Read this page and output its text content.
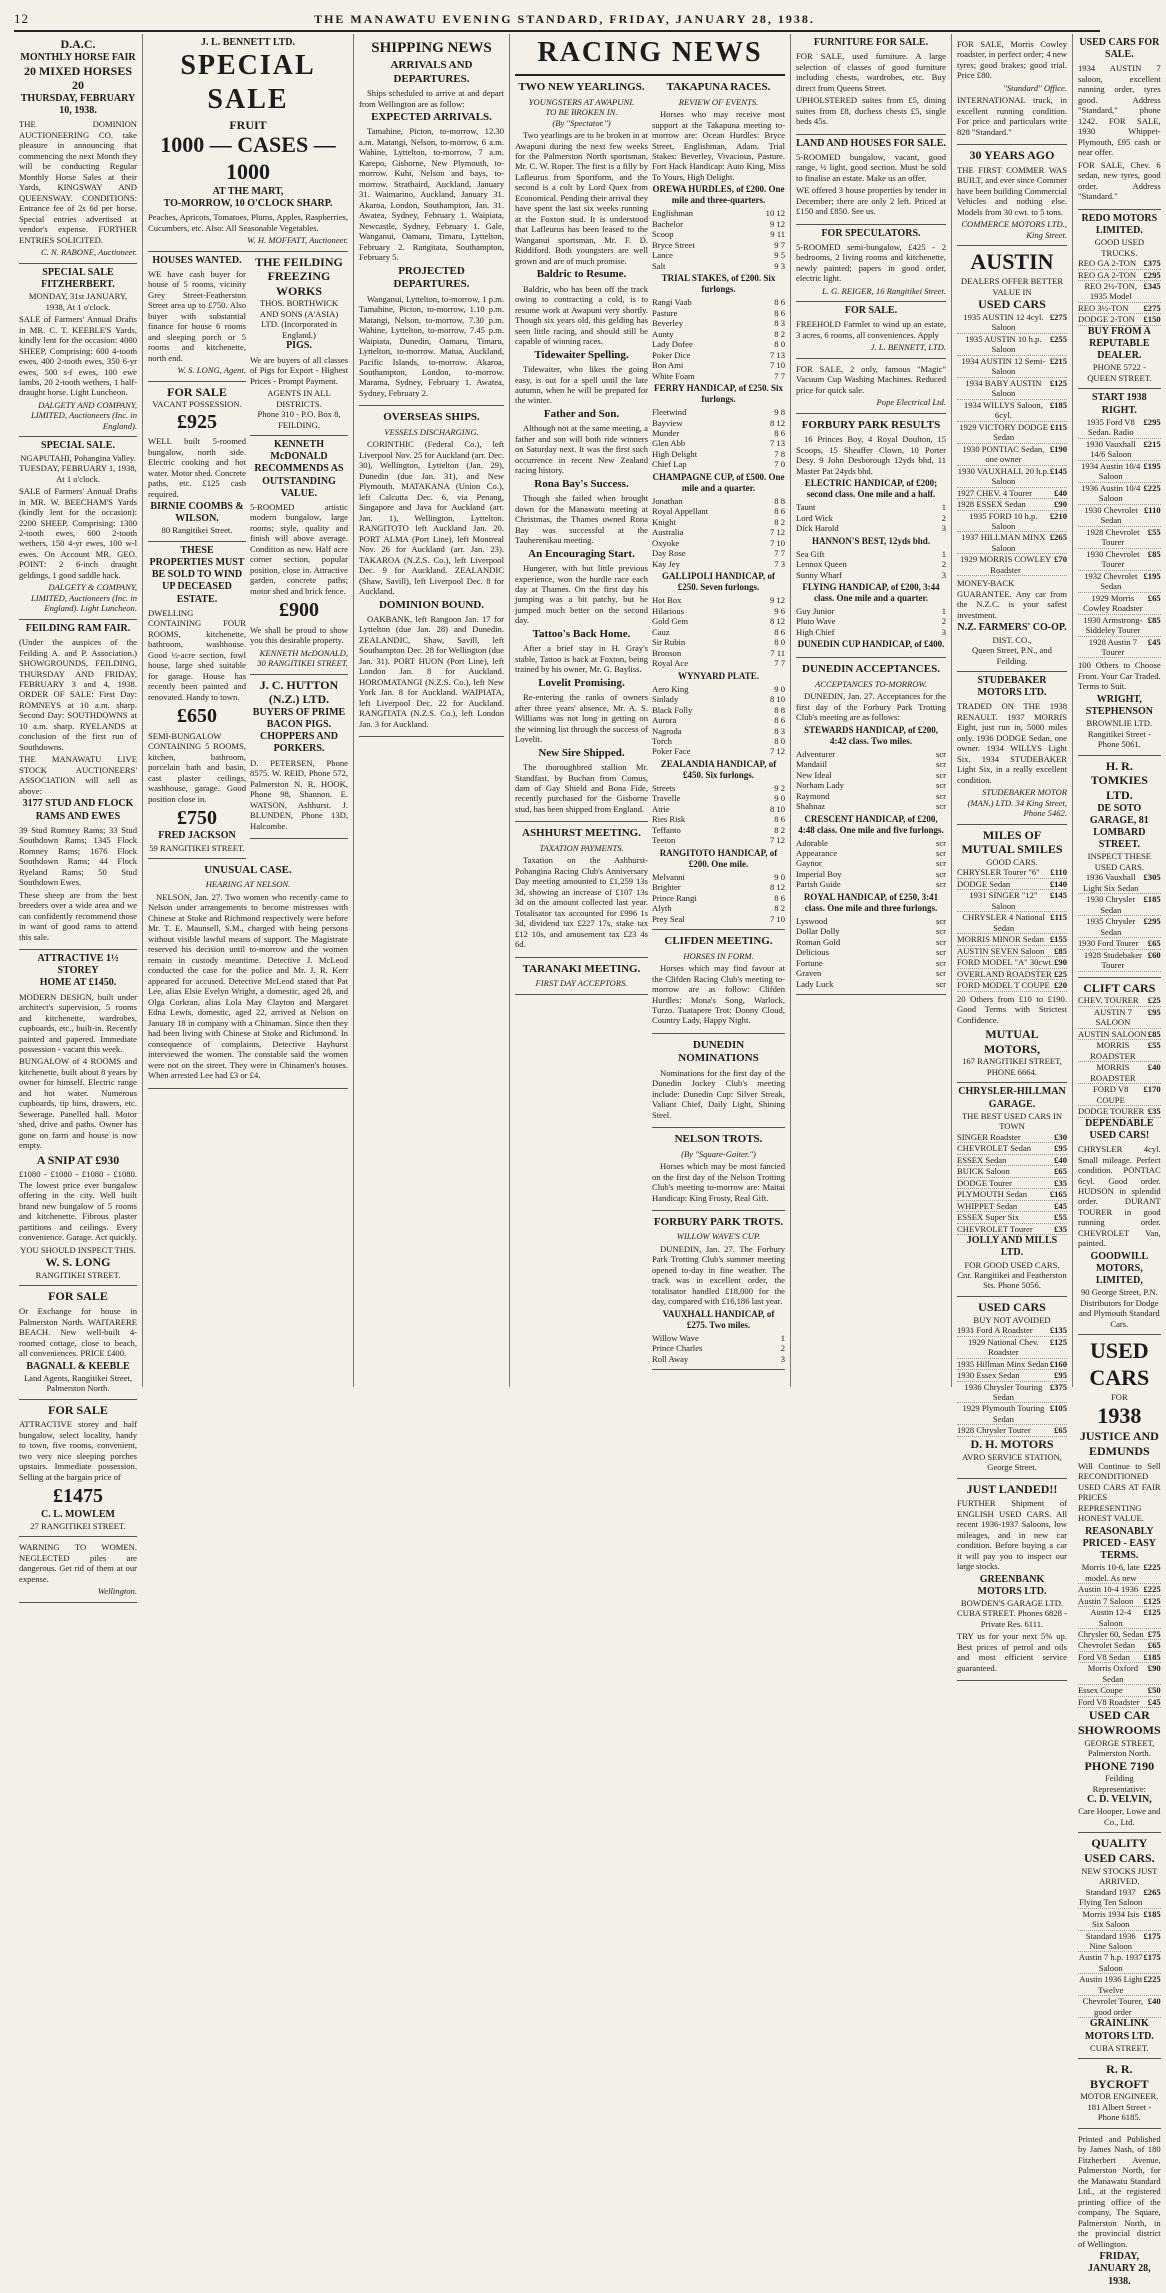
12	THE MANAWATU EVENING STANDARD, FRIDAY, JANUARY 28, 1938.
D.A.C.
MONTHLY HORSE FAIR
20 MIXED HORSES 20
THURSDAY, FEBRUARY 10, 1938.

THE DOMINION AUCTIONEERING CO. take pleasure in announcing that commencing the next Month they will be conducting Regular Monthly Horse Sales at their Yards, KINGSWAY AND QUEENSWAY. CONDITIONS: Entrance fee of 2s 6d per horse. Special entries advertised at vendor's expense. FURTHER ENTRIES SOLICITED.

C. N. RABONE, Auctioneer.
SPECIAL SALE
FITZHERBERT.
MONDAY, 31st JANUARY, 1938, At 1 o'clock.

SALE of Farmers' Annual Drafts in MR. C. T. KEEBLE'S Yards, kindly lent for the occasion: 4000 SHEEP, Comprising: 600 4-tooth ewes, 400 2-tooth ewes, 350 6-yr ewes, 500 s-f ewes, 100 ewe lambs, 20 2-tooth wethers, 1 half-draught horse. Light Luncheon.

DALGETY AND COMPANY, LIMITED, Auctioneers (Inc. in England).
SPECIAL SALE.
NGAPUTAHI, Pohangina Valley.
TUESDAY, FEBRUARY 1, 1938, At 1 o'clock.

SALE of Farmers' Annual Drafts in MR. W. BEECHAM'S Yards (kindly lent for the occasion): 2200 SHEEP, Comprising: 1300 2-tooth ewes, 600 2-tooth wethers, 150 4-yr ewes, 100 w-l ewes. On Account MR. GEO. POINT: 2 6-inch draught geldings, 1 good saddle hack.

DALGETY & COMPANY, LIMITED, Auctioneers (Inc. in England). Light Luncheon.
FEILDING RAM FAIR.

(Under the auspices of the Feilding A. and P. Association.) SHOWGROUNDS, FEILDING, THURSDAY AND FRIDAY, FEBRUARY 3 and 4, 1938. ORDER OF SALE: First Day: ROMNEYS at 10 a.m. sharp. Second Day: SOUTHDOWNS at 10 a.m. sharp. RYELANDS at conclusion of the first run of Southdowns.

THE MANAWATU LIVE STOCK AUCTIONEERS' ASSOCIATION will sell as above:

3177 STUD AND FLOCK RAMS AND EWES

39 Stud Romney Rams; 33 Stud Southdown Rams; 1345 Flock Romney Rams; 1676 Flock Southdown Rams; 44 Flock Ryeland Rams; 50 Stud Southdown Ewes.

These sheep are from the best breeders over a wide area and we can confidently recommend those in want of good rams to attend this sale.

ATTRACTIVE 1½ STOREY
HOME AT £1450.

MODERN DESIGN, built under architect's supervision, 5 rooms and kitchenette, wardrobes, cupboards, etc., built-in. Recently painted and papered. Immediate possession - vacant this week.

BUNGALOW of 4 ROOMS and kitchenette, built about 8 years by owner for himself. Electric range and hot water. Numerous cupboards, tip bins, drawers, etc. Sewerage. Panelled hall. Motor shed, drive and paths. Owner has gone on farm and house is now empty.

A SNIP AT £930

£1080 - £1080 - £1080 - £1080. The lowest price ever bungalow offering in the city. Well built brand new bungalow of 5 rooms and kitchenette. Fibrous plaster partitions and ceilings. Every convenience. Garage. Act quickly.

YOU SHOULD INSPECT THIS.
W. S. LONG
RANGITIKEI STREET.
FOR SALE

Or Exchange for house in Palmerston North. WAITARERE BEACH. New well-built 4-roomed cottage, close to beach, all conveniences. PRICE £400.

BAGNALL & KEEBLE
Land Agents, Rangitikei Street, Palmerston North.
FOR SALE

ATTRACTIVE storey and half bungalow, select locality, handy to town, five rooms, convenient, two very nice sleeping porches upstairs. Immediate possession. Selling at the bargain price of

£1475
C. L. MOWLEM
27 RANGITIKEI STREET.

WARNING TO WOMEN. NEGLECTED piles are dangerous. Get rid of them at our expense.

Wellington.
J. L. BENNETT LTD.
SPECIAL SALE
FRUIT
1000 — CASES — 1000
AT THE MART,
TO-MORROW, 10 O'CLOCK SHARP.

Peaches, Apricots, Tomatoes, Plums, Apples, Raspberries, Cucumbers, etc. Also: All Seasonable Vegetables.

W. H. MOFFATT, Auctioneer.
HOUSES WANTED.

WE have cash buyer for house of 5 rooms, vicinity Grey Street-Featherston Street area up to £750. Also buyer with substantial finance for house 6 rooms and sleeping porch or 5 rooms and kitchenette, north end.

W. S. LONG, Agent.
FOR SALE
VACANT POSSESSION.
£925

WELL built 5-roomed bungalow, north side. Electric cooking and hot water. Motor shed. Concrete paths, etc. £125 cash required.

BIRNIE COOMBS & WILSON.
80 Rangitikei Street.
THESE PROPERTIES MUST BE SOLD TO WIND UP DECEASED ESTATE.

DWELLING CONTAINING FOUR ROOMS, kitchenette, bathroom, washhouse. Good ½-acre section, fowl house, large shed suitable for garage. House has recently been painted and renovated. Handy to town.

£650

SEMI-BUNGALOW CONTAINING 5 ROOMS, kitchen, bathroom, porcelain bath and basin, cast plaster ceilings, washhouse, garage. Good position close in.

£750
FRED JACKSON
59 RANGITIKEI STREET.
THE FEILDING FREEZING WORKS
THOS. BORTHWICK AND SONS (A'ASIA) LTD. (Incorporated in England.)
PIGS.

We are buyers of all classes of Pigs for Export - Highest Prices - Prompt Payment.

AGENTS IN ALL DISTRICTS.
Phone 310 - P.O. Box 8, FEILDING.
KENNETH McDONALD RECOMMENDS AS OUTSTANDING VALUE.

5-ROOMED artistic modern bungalow, large rooms; style, quality and finish will above average. Condition as new. Half acre corner section, popular position, close in. Attractive garden, concrete paths; motor shed and brick fence.

£900

We shall be proud to show you this desirable property.

KENNETH McDONALD, 30 RANGITIKEI STREET.
J. C. HUTTON (N.Z.) LTD.
BUYERS OF PRIME BACON PIGS. CHOPPERS AND PORKERS.

D. PETERSEN, Phone 8575. W. REID, Phone 572, Palmerston N. R. HOOK, Phone 98, Shannon. E. WATSON, Ashhurst. J. BLUNDEN, Phone 13D, Halcombe.

UNUSUAL CASE.
HEARING AT NELSON.

NELSON, Jan. 27. Two women who recently came to Nelson under arrangements to become mistresses with Chinese at Stoke and Richmond respectively were before Mr. T. E. Maunsell, S.M., charged with being persons without visible lawful means of support. The Magistrate reserved his decision until to-morrow and the women remain in custody meantime. Detective J. McLeod conducted the case for the police and Mr. J. R. Kerr appeared for accused. Detective McLeod stated that Pat Lee, alias Elsie Evelyn Wright, a domestic, aged 28, and Olga Corkran, alias Lola May Clayton and Margaret Edna Lewis, domestic, aged 22, arrived at Nelson on January 18 in company with a Chinaman. Since then they had been living with Chinese at Stoke and Richmond. In consequence of complaints, Detective Hayhurst interviewed the women. The constable said the women were not on the street. They were in Chinamen's houses. When arrested Lee had £3 or £4.

SHIPPING NEWS
ARRIVALS AND DEPARTURES.

Ships scheduled to arrive at and depart from Wellington are as follow:

EXPECTED ARRIVALS.

Tamahine, Picton, to-morrow, 12.30 a.m. Matangi, Nelson, to-morrow, 6 a.m. Wahine, Lyttelton, to-morrow, 7 a.m. Karepo, Gisborne, New Plymouth, to-morrow. Kuhi, Nelson and bays, to-morrow. Strathaird, Auckland, January 31. Waimarino, Auckland, January 31. Akaroa, London, Southampton, Jan. 31. Awatea, Sydney, February 1. Waipiata, Newcastle, Sydney, February 1. Gale, Wanganui, Oamaru, Timaru, Lyttelton, February 2. Rangitata, Southampton, February 5.

PROJECTED DEPARTURES.

Wanganui, Lyttelton, to-morrow, 1 p.m. Tamahine, Picton, to-morrow, 1.10 p.m. Matangi, Nelson, to-morrow, 7.30 p.m. Wahine, Lyttelton, to-morrow, 7.45 p.m. Waipiata, Dunedin, Oamaru, Timaru, Lyttelton, to-morrow. Matua, Auckland, Pacific Islands, to-morrow. Akaroa, Southampton, London, to-morrow. Marama, Sydney, February 1. Awatea, Sydney, February 2.

OVERSEAS SHIPS.
VESSELS DISCHARGING.

CORINTHIC (Federal Co.), left Liverpool Nov. 25 for Auckland (arr. Dec. 30), Wellington, Lyttelton (Jan. 29), Dunedin (due Jan. 31), and New Plymouth. MATAKANA (Union Co.), left Calcutta Dec. 6, via Penang, Singapore and Java for Auckland (arr. Jan. 1), Wellington, Lyttelton. RANGITOTO left Auckland Jan. 20. PORT ALMA (Port Line), left Montreal Nov. 26 for Auckland (arr. Jan. 23). TAKAROA (N.Z.S. Co.), left Liverpool Dec. 9 for Auckland. ZEALANDIC (Shaw, Savill), left Liverpool Dec. 8 for Auckland.

DOMINION BOUND.

OAKBANK, left Rangoon Jan. 17 for Lyttelton (due Jan. 28) and Dunedin. ZEALANDIC, Shaw, Savill, left Southampton Dec. 28 for Wellington (due Jan. 31). PORT HUON (Port Line), left London Jan. 8 for Auckland. HOROMATANGI (N.Z.S. Co.), left New York Jan. 8 for Auckland. WAIPIATA, left Liverpool Dec. 22 for Auckland. RANGITATA (N.Z.S. Co.), left London Jan. 3 for Auckland.

RACING NEWS
TWO NEW YEARLINGS.
YOUNGSTERS AT AWAPUNI.
TO BE BROKEN IN.
(By "Spectator.")

Two yearlings are to be broken in at Awapuni during the next few weeks for the Palmerston North sportsman, Mr. C. W. Roper. The first is a filly by Lafleurus from Sportform, and the second is a colt by Lord Quex from Economical. Pending their arrival they have spent the last six weeks running at the Foxton stud. It is understood that Lafleurus has been leased to the Wanganui sportsman, Mr. F. D. Riddiford. Both youngsters are well grown and are of much promise.

Baldric to Resume.

Baldric, who has been off the track owing to contracting a cold, is to resume work at Awapuni very shortly. Though six years old, this gelding has seen little racing, and should still be capable of winning races.

Tidewaiter Spelling.

Tidewaiter, who likes the going easy, is out for a spell until the late autumn, when he will be prepared for the winter.

Father and Son.

Although not at the same meeting, a father and son will both ride winners on Saturday next. It was the first such occurrence in recent New Zealand racing history.

Rona Bay's Success.

Though she failed when brought down for the Manawatu meeting at Christmas, the Thames owned Rona Bay was successful at the Tauherenikau meeting.

An Encouraging Start.

Hungerer, with but little previous experience, won the hurdle race each day at Thames. On the first day his jumping was a bit patchy, but he jumped much better on the second day.

Tattoo's Back Home.

After a brief stay in H. Gray's stable, Tattoo is back at Foxton, being trained by his owner, Mr. G. Bayliss.

Lovelit Promising.

Re-entering the ranks of owners after three years' absence, Mr. A. S. Williams was not long in getting on the winning list through the success of Lovelit.

New Sire Shipped.

The thoroughbred stallion Mr. Standfast, by Buchan from Comus, dam of Gay Shield and Bona Fide, recently purchased for the Gisborne stud, has been shipped from England.

ASHHURST MEETING.
TAXATION PAYMENTS.

Taxation on the Ashhurst-Pohangina Racing Club's Anniversary Day meeting amounted to £1,259 13s 3d, showing an increase of £107 13s 3d on the amount collected last year. Totalisator tax accounted for £996 1s 3d, dividend tax £227 17s, stake tax £12 10s, and amusement tax £23 4s 6d.

TARANAKI MEETING.
FIRST DAY ACCEPTORS.
TAKAPUNA RACES.
REVIEW OF EVENTS.

Horses who may receive most support at the Takapuna meeting to-morrow are: Ocean Hurdles: Bryce Street, Englishman, Adam. Trial Stakes: Beverley, Vivacious, Pasture. Fort Hack Handicap: Auto King, Miss To Yours, High Delight.

OREWA HURDLES, of £200. One mile and three-quarters.
Englishman	10 12
Bachelor	9 12
Scoop	9 11
Bryce Street	9 7
Lance	9 5
Salt	9 3
TRIAL STAKES, of £200. Six furlongs.
Rangi Vaab	8 6
Pasture	8 6
Beverley	8 3
Aunty	8 2
Lady Dofee	8 0
Poker Dice	7 13
Bon Ami	7 10
White Foam	7 7
FERRY HANDICAP, of £250. Six furlongs.
Fleetwind	9 8
Bayview	8 12
Munder	8 6
Glen Abb	7 13
High Delight	7 8
Chief Lap	7 0
CHAMPAGNE CUP, of £500. One mile and a quarter.
Jonathan	8 8
Royal Appellant	8 6
Knight	8 2
Australia	7 12
Oxyoke	7 10
Day Rose	7 7
Kay Jey	7 3
GALLIPOLI HANDICAP, of £250. Seven furlongs.
Hot Box	9 12
Hilarious	9 6
Gold Gem	8 12
Cauz	8 6
Sir Rubin	8 0
Bronson	7 11
Royal Ace	7 7
WYNYARD PLATE.
Aero King	9 0
Sinlady	8 10
Black Folly	8 8
Aurora	8 6
Nagroda	8 3
Torch	8 0
Poker Face	7 12
ZEALANDIA HANDICAP, of £450. Six furlongs.
Streets	9 2
Travelle	9 0
Atrie	8 10
Ries Risk	8 6
Teffanto	8 2
Teeton	7 12
RANGITOTO HANDICAP, of £200. One mile.
Melvanni	9 0
Brighter	8 12
Prince Rangi	8 6
Alyth	8 2
Prey Seal	7 10
CLIFDEN MEETING.
HORSES IN FORM.

Horses which may find favour at the Clifden Racing Club's meeting to-morrow are as follow: Clifden Hurdles: Mona's Song, Warlock, Turzo. Tuatapere Trot: Donny Cloud, Country Lady, Happy Night.

DUNEDIN NOMINATIONS

Nominations for the first day of the Dunedin Jockey Club's meeting include: Dunedin Cup: Silver Streak, Valiant Chief, Daily Light, Shining Steel.

NELSON TROTS.
(By "Square-Gaiter.")

Horses which may be most fancied on the first day of the Nelson Trotting Club's meeting to-morrow are: Maitai Handicap: King Frosty, Real Gift.

FORBURY PARK TROTS.
WILLOW WAVE'S CUP.

DUNEDIN, Jan. 27. The Forbury Park Trotting Club's summer meeting opened to-day in fine weather. The track was in excellent order, the totalisator handled £18,000 for the day, compared with £16,186 last year.

VAUXHALL HANDICAP, of £275. Two miles.
Willow Wave	1
Prince Charles	2
Roll Away	3
FURNITURE FOR SALE.

FOR SALE, used furniture. A large selection of classes of good furniture including chests, wardrobes, etc. Buy direct from Queens Street.

UPHOLSTERED suites from £5, dining suites from £8, duchess chests £5, single beds 45s.

LAND AND HOUSES FOR SALE.

5-ROOMED bungalow, vacant, good range, ½ light, good section. Must be sold to finalise an estate. Make us an offer.

WE offered 3 house properties by tender in December; there are only 2 left. Priced at £150 and £850. See us.

FOR SPECULATORS.

5-ROOMED semi-bungalow, £425 - 2 bedrooms, 2 living rooms and kitchenette, newly painted; papers in good order, electric light.

L. G. REIGER, 16 Rangitikei Street.
FOR SALE.

FREEHOLD Farmlet to wind up an estate, 3 acres, 6 rooms, all conveniences. Apply

J. L. BENNETT, LTD.

FOR SALE, 2 only, famous "Magic" Vacuum Cup Washing Machines. Reduced price for quick sale.

Pope Electrical Ltd.
FORBURY PARK RESULTS

16 Princes Boy, 4 Royal Doulton, 15 Scoops, 15 Sheaffer Clown, 10 Porter Desy. 9 John Desborough 12yds bhd, 11 Master Pat 24yds bhd.

ELECTRIC HANDICAP, of £200; second class. One mile and a half.
Taunt	1
Lord Wick	2
Dick Harold	3
HANNON'S BEST, 12yds bhd.
Sea Gift	1
Lennox Queen	2
Sunny Wharf	3
FLYING HANDICAP, of £200, 3:44 class. One mile and a quarter.
Guy Junior	1
Pluto Wave	2
High Chief	3
DUNEDIN CUP HANDICAP, of £400.
DUNEDIN ACCEPTANCES.
ACCEPTANCES TO-MORROW.

DUNEDIN, Jan. 27. Acceptances for the first day of the Forbury Park Trotting Club's meeting are as follows:

STEWARDS HANDICAP, of £200, 4:42 class. Two miles.
Adventurer	scr
Mandaiil	scr
New Ideal	scr
Norham Lady	scr
Raymond	scr
Shahnaz	scr
CRESCENT HANDICAP, of £200, 4:48 class. One mile and five furlongs.
Adorable	scr
Appearance	scr
Gaynor	scr
Imperial Boy	scr
Parish Guide	scr
ROYAL HANDICAP, of £250, 3:41 class. One mile and three furlongs.
Lyswood	scr
Dollar Dolly	scr
Roman Gold	scr
Delicious	scr
Fortune	scr
Graven	scr
Lady Luck	scr

FOR SALE, Morris Cowley roadster, in perfect order; 4 new tyres; good brakes; good trial. Price £80.

"Standard" Office.

INTERNATIONAL truck, in excellent running condition. For price and particulars write 828 "Standard."

30 YEARS AGO

THE FIRST COMMER WAS BUILT, and ever since Commer have been building Commercial Vehicles and nothing else. Models from 30 cwt. to 5 tons.

COMMERCE MOTORS LTD., King Street.
AUSTIN
DEALERS OFFER BETTER VALUE IN
USED CARS
1935 AUSTIN 12 4cyl. Saloon
£275
1935 AUSTIN 10 h.p. Saloon
£255
1934 AUSTIN 12 Semi-Saloon
£215
1934 BABY AUSTIN Saloon
£125
1934 WILLYS Saloon, 6cyl.
£185
1929 VICTORY DODGE Sedan
£115
1930 PONTIAC Sedan, one owner
£190
1930 VAUXHALL 20 h.p. Saloon
£145
1927 CHEV. 4 Tourer	£40
1928 ESSEX Sedan	£90
1935 FORD 10 h.p. Saloon
£210
1937 HILLMAN MINX Saloon
£265
1929 MORRIS COWLEY Roadster
£70

MONEY-BACK GUARANTEE. Any car from the N.Z.C. is your safest investment.

N.Z. FARMERS' CO-OP.
DIST. CO.,
Queen Street, P.N., and Feilding.
STUDEBAKER MOTORS LTD.

TRADED ON THE 1938 RENAULT. 1937 MORRIS Eight, just run in, 5000 miles only. 1936 DODGE Sedan, one owner. 1934 WILLYS Light Six. 1934 STUDEBAKER Light Six, in a really excellent condition.

STUDEBAKER MOTOR (MAN.) LTD. 34 King Street, Phone 5462.
MILES OF
MUTUAL SMILES
GOOD CARS.
CHRYSLER Tourer "6" £110
DODGE Sedan	£140
1931 SINGER "12" Saloon
£145
CHRYSLER 4 National Sedan
£115
MORRIS MINOR Sedan £155
AUSTIN SEVEN Saloon £85
FORD MODEL "A" 30cwt. £90
OVERLAND ROADSTER £25
FORD MODEL T COUPE £20

20 Others from £10 to £190. Good Terms with Strictest Confidence.

MUTUAL MOTORS,
167 RANGITIKEI STREET, PHONE 6664.
CHRYSLER-HILLMAN GARAGE.
THE BEST USED CARS IN TOWN
SINGER Roadster	£30
CHEVROLET Sedan	£95
ESSEX Sedan	£40
BUICK Saloon	£65
DODGE Tourer	£35
PLYMOUTH Sedan	£165
WHIPPET Sedan	£45
ESSEX Super Six	£55
CHEVROLET Tourer £35
JOLLY AND MILLS LTD.
FOR GOOD USED CARS.
Cnr. Rangitikei and Featherston Sts. Phone 5056.
USED CARS
BUY NOT AVOIDED
1931 Ford A Roadster £135
1929 National Chev. Roadster
£125
1935 Hillman Minx Sedan £160
1930 Essex Sedan	£95
1936 Chrysler Touring Sedan
£375
1929 Plymouth Touring Sedan
£105
1928 Chrysler Tourer	£65
D. H. MOTORS
AVRO SERVICE STATION, George Street.
JUST LANDED!!

FURTHER Shipment of ENGLISH USED CARS. All recent 1936-1937 Saloons, low mileages, and in new car condition. Before buying a car it will pay you to inspect our large stocks.

GREENBANK MOTORS LTD.
BOWDEN'S GARAGE LTD.
CUBA STREET. Phones 6828 - Private Res. 6111.

TRY us for your next 5% up. Best prices of petrol and oils and most efficient service guaranteed.

USED CARS FOR SALE.

1934 AUSTIN 7 saloon, excellent running order, tyres good. Address "Standard," phone 1242. FOR SALE, 1930 Whippet-Plymouth, £95 cash or near offer.

FOR SALE, Chev. 6 sedan, new tyres, good order. Address "Standard."

REDO MOTORS LIMITED.
GOOD USED TRUCKS.
REO GA 2-TON £375
REO GA 2-TON £295
REO 2½-TON, 1935 Model
£345
REO 3½-TON £275
DODGE 2-TON £150
BUY FROM A REPUTABLE DEALER.
PHONE 5722 - QUEEN STREET.
START 1938 RIGHT.
1935 Ford V8 Sedan. Radio
£295
1930 Vauxhall 14/6 Saloon
£215
1934 Austin 10/4 Saloon
£195
1936 Austin 10/4 Saloon
£225
1930 Chevrolet Sedan
£110
1928 Chevrolet Tourer
£55
1930 Chevrolet Tourer
£85
1932 Chevrolet Sedan
£195
1929 Morris Cowley Roadster
£65
1930 Armstrong-Siddeley Tourer
£85
1928 Austin 7 Tourer
£45

100 Others to Choose From. Your Car Traded. Terms to Suit.

WRIGHT, STEPHENSON
BROWNLIE LTD.
Rangitikei Street - Phone 5061.
H. R. TOMKIES LTD.
DE SOTO GARAGE, 81 LOMBARD STREET.
INSPECT THESE USED CARS.
1936 Vauxhall Light Six Sedan
£305
1930 Chrysler Sedan
£185
1935 Chrysler Sedan
£295
1930 Ford Tourer £65
1928 Studebaker Tourer
£60
CLIFT CARS
CHEV. TOURER £25
AUSTIN 7 SALOON
£95
AUSTIN SALOON £85
MORRIS ROADSTER
£55
MORRIS ROADSTER
£40
FORD V8 COUPE
£170
DODGE TOURER £35
DEPENDABLE USED CARS!

CHRYSLER 4cyl. Small mileage. Perfect condition. PONTIAC 6cyl. Good order. HUDSON in splendid order. DURANT TOURER in good running order. CHEVROLET Van, painted.

GOODWILL MOTORS, LIMITED,
90 George Street, P.N.
Distributors for Dodge and Plymouth Standard Cars.
USED CARS
FOR
1938
JUSTICE AND EDMUNDS

Will Continue to Sell RECONDITIONED USED CARS AT FAIR PRICES REPRESENTING HONEST VALUE.

REASONABLY PRICED - EASY TERMS.
Morris 10-6, late model. As new
£225
Austin 10-4 1936 £225
Austin 7 Saloon £125
Austin 12-4 Saloon
£125
Chrysler 60, Sedan £75
Chevrolet Sedan £65
Ford V8 Sedan £185
Morris Oxford Sedan
£90
Essex Coupe	£50
Ford V8 Roadster £45
USED CAR SHOWROOMS
GEORGE STREET, Palmerston North.
PHONE 7190
Feilding Representative:
C. D. VELVIN,
Care Hooper, Lowe and Co., Ltd.
QUALITY USED CARS.
NEW STOCKS JUST ARRIVED.
Standard 1937 Flying Ten Saloon
£265
Morris 1934 Isis Six Saloon
£185
Standard 1936 Nine Saloon
£175
Austin 7 h.p. 1937 Saloon
£175
Austin 1936 Light Twelve
£225
Chevrolet Tourer, good order
£40
GRAINLINK MOTORS LTD.
CUBA STREET.
R. R. BYCROFT
MOTOR ENGINEER.
181 Albert Street - Phone 6185.

Printed and Published by James Nash, of 180 Fitzherbert Avenue, Palmerston North, for the Manawatu Standard Ltd., at the registered printing office of the company, The Square, Palmerston North, in the provincial district of Wellington.

FRIDAY, JANUARY 28, 1938.
